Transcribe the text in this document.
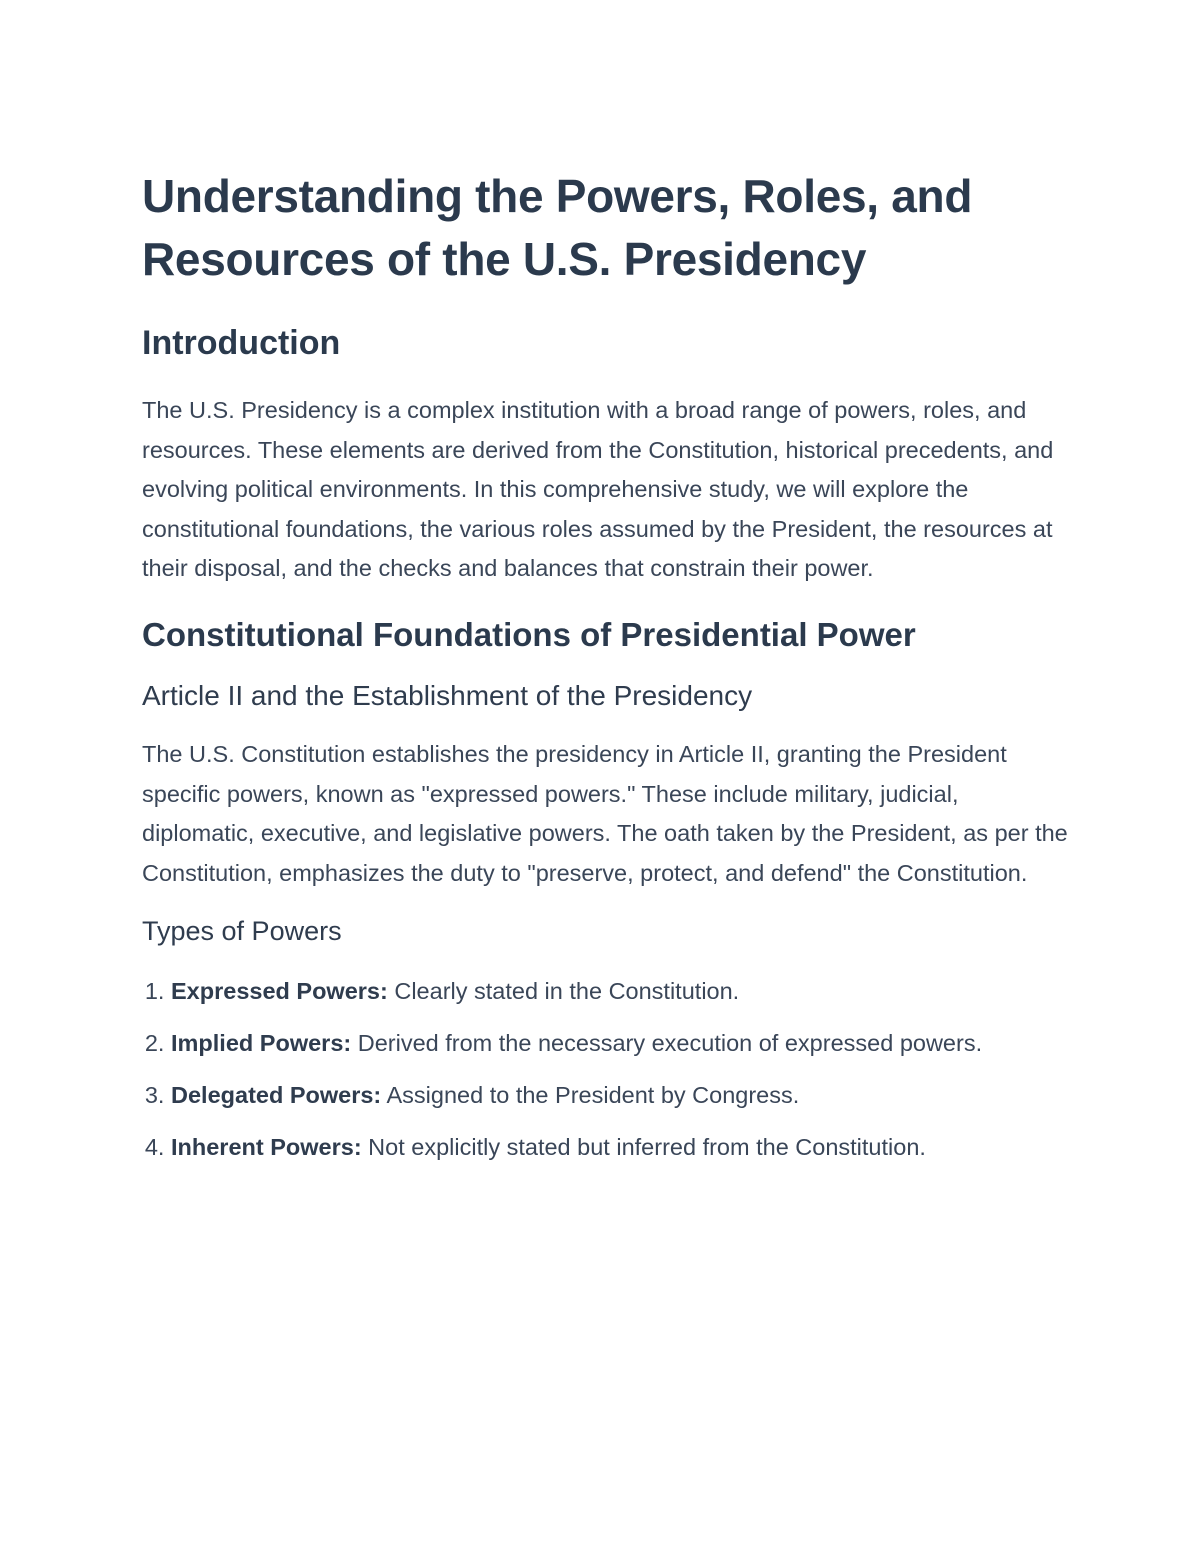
Understanding the Powers, Roles, and Resources of the U.S. Presidency
Introduction

The U.S. Presidency is a complex institution with a broad range of powers, roles, and resources. These elements are derived from the Constitution, historical precedents, and evolving political environments. In this comprehensive study, we will explore the constitutional foundations, the various roles assumed by the President, the resources at their disposal, and the checks and balances that constrain their power.

Constitutional Foundations of Presidential Power
Article II and the Establishment of the Presidency

The U.S. Constitution establishes the presidency in Article II, granting the President specific powers, known as "expressed powers." These include military, judicial, diplomatic, executive, and legislative powers. The oath taken by the President, as per the Constitution, emphasizes the duty to "preserve, protect, and defend" the Constitution.

Types of Powers
1. Expressed Powers: Clearly stated in the Constitution.
2. Implied Powers: Derived from the necessary execution of expressed powers.
3. Delegated Powers: Assigned to the President by Congress.
4. Inherent Powers: Not explicitly stated but inferred from the Constitution.
